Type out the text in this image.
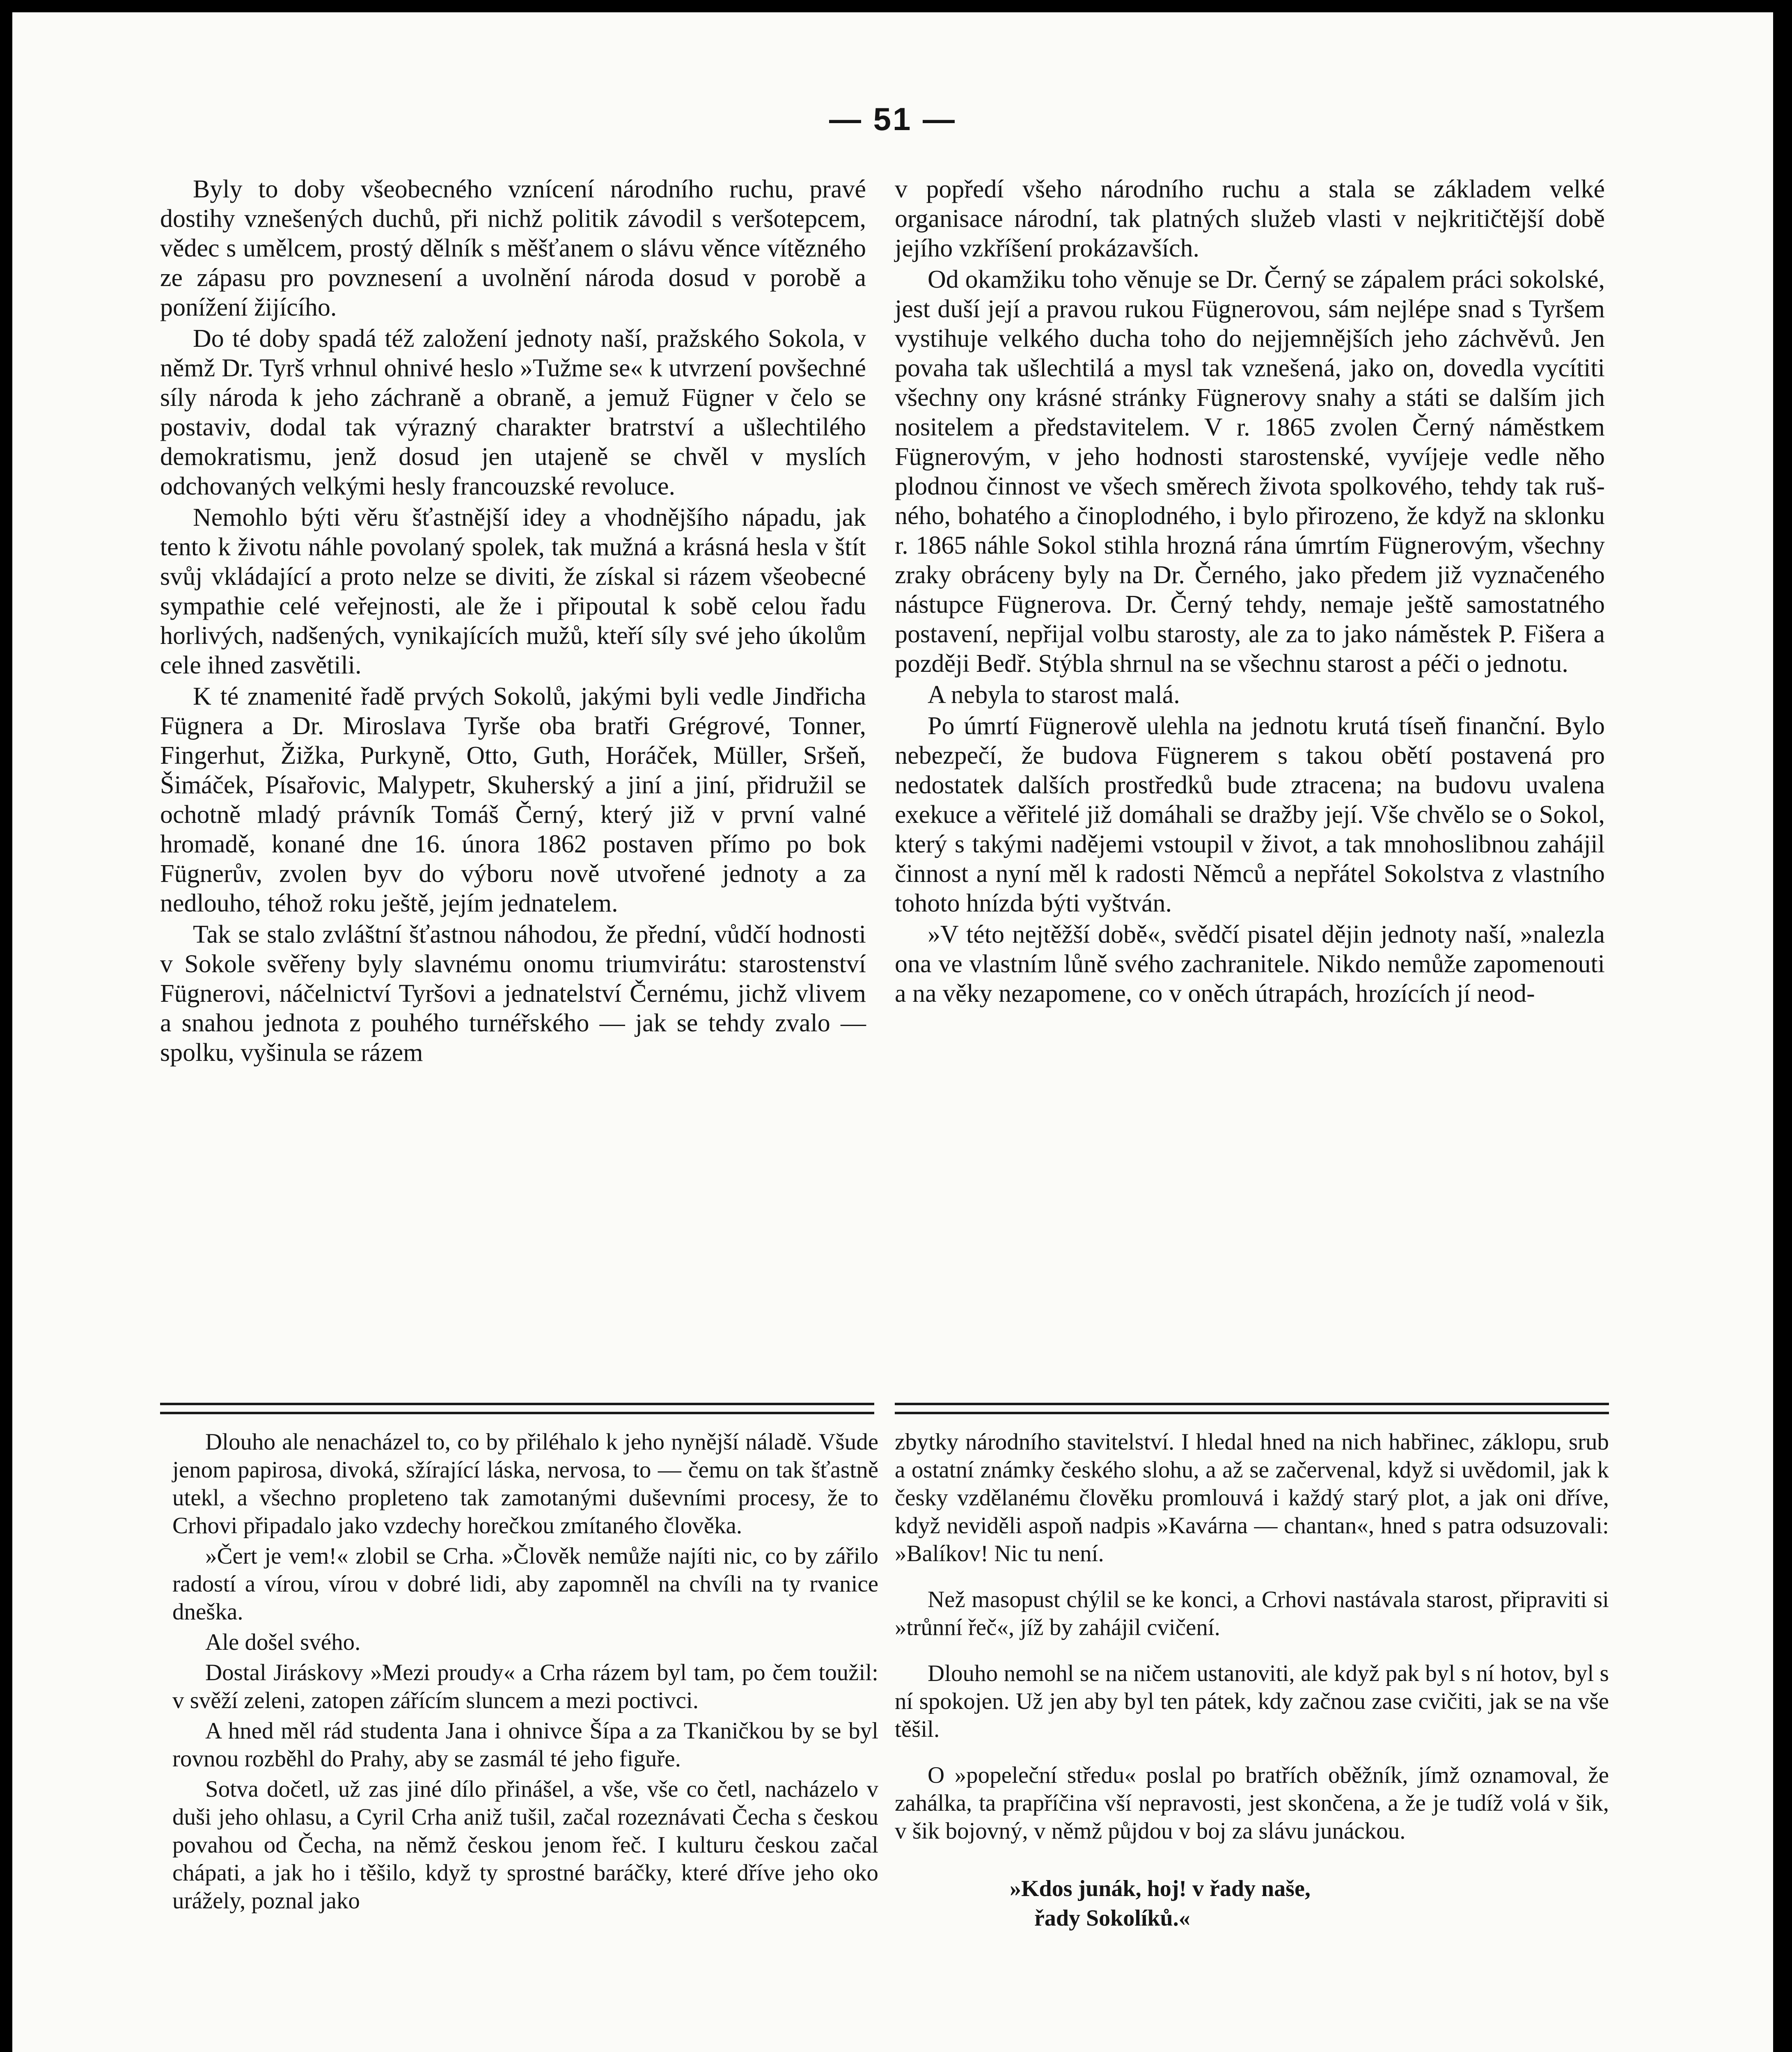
— 51 —

Byly to doby všeobecného vznícení národního ruchu, pravé dostihy vznešených duchů, při nichž politik závodil s veršotepcem, vědec s umělcem, prostý dělník s měšťanem o slávu věnce vítězného ze zápasu pro povznesení a uvolnění národa dosud v porobě a ponížení žijícího.

Do té doby spadá též založení jednoty naší, pražského Sokola, v němž Dr. Tyrš vrhnul ohnivé heslo »Tužme se« k utvrzení povšechné síly národa k jeho záchraně a obraně, a jemuž Fügner v čelo se postaviv, dodal tak výrazný charakter bratrství a ušlechtilého demokratismu, jenž dosud jen utajeně se chvěl v myslích odchovaných velkými hesly francouzské revoluce.

Nemohlo býti věru šťastnější idey a vhodnějšího nápadu, jak tento k životu náhle povolaný spolek, tak mužná a krásná hesla v štít svůj vkládající a proto nelze se diviti, že získal si rázem všeobecné sympathie celé veřejnosti, ale že i připoutal k sobě celou řadu horlivých, nadšených, vynikajících mužů, kteří síly své jeho úkolům cele ihned zasvětili.

K té znamenité řadě prvých Sokolů, jakými byli vedle Jindřicha Fügnera a Dr. Miroslava Tyrše oba bratři Grégrové, Tonner, Fingerhut, Žižka, Purkyně, Otto, Guth, Horáček, Müller, Sršeň, Šimáček, Písařovic, Malypetr, Skuherský a jiní a jiní, přidružil se ochotně mladý právník Tomáš Černý, který již v první valné hromadě, konané dne 16. února 1862 postaven přímo po bok Fügnerův, zvolen byv do výboru nově utvořené jednoty a za nedlouho, téhož roku ještě, jejím jednatelem.

Tak se stalo zvláštní šťastnou náhodou, že přední, vůdčí hodnosti v Sokole svěřeny byly slavnému onomu triumvirátu: starostenství Fügnerovi, náčelnictví Tyršovi a jednatelství Černému, jichž vlivem a snahou jednota z pouhého turnéřského — jak se tehdy zvalo — spolku, vyšinula se rázem

v popředí všeho národního ruchu a stala se základem velké organisace národní, tak platných služeb vlasti v nejkritičtější době jejího vzkříšení prokázavších.

Od okamžiku toho věnuje se Dr. Černý se zápalem práci sokolské, jest duší její a pravou rukou Fügnerovou, sám nejlépe snad s Tyršem vystihuje velkého ducha toho do nejjemnějších jeho záchvěvů. Jen povaha tak ušlechtilá a mysl tak vznešená, jako on, dovedla vycítiti všechny ony krásné stránky Fügnerovy snahy a státi se dalším jich nositelem a představitelem. V r. 1865 zvolen Černý náměstkem Fügnerovým, v jeho hodnosti starostenské, vyvíjeje vedle něho plodnou činnost ve všech směrech života spolkového, tehdy tak ruš-ného, bohatého a činoplodného, i bylo přirozeno, že když na sklonku r. 1865 náhle Sokol stihla hrozná rána úmrtím Fügnerovým, všechny zraky obráceny byly na Dr. Černého, jako předem již vyznačeného nástupce Fügnerova. Dr. Černý tehdy, nemaje ještě samostatného postavení, nepřijal volbu starosty, ale za to jako náměstek P. Fišera a později Bedř. Stýbla shrnul na se všechnu starost a péči o jednotu.

A nebyla to starost malá.

Po úmrtí Fügnerově ulehla na jednotu krutá tíseň finanční. Bylo nebezpečí, že budova Fügnerem s takou obětí postavená pro nedostatek dalších prostředků bude ztracena; na budovu uvalena exekuce a věřitelé již domáhali se dražby její. Vše chvělo se o Sokol, který s takými nadějemi vstoupil v život, a tak mnohoslibnou zahájil činnost a nyní měl k radosti Němců a nepřátel Sokolstva z vlastního tohoto hnízda býti vyštván.

»V této nejtěžší době«, svědčí pisatel dějin jednoty naší, »nalezla ona ve vlastním lůně svého zachranitele. Nikdo nemůže zapomenouti a na věky nezapomene, co v oněch útrapách, hrozících jí neod-

Dlouho ale nenacházel to, co by přiléhalo k jeho nynější náladě. Všude jenom papirosa, divoká, sžírající láska, nervosa, to — čemu on tak šťastně utekl, a všechno propleteno tak zamotanými duševními procesy, že to Crhovi připadalo jako vzdechy horečkou zmítaného člověka.

»Čert je vem!« zlobil se Crha. »Člověk nemůže najíti nic, co by zářilo radostí a vírou, vírou v dobré lidi, aby zapomněl na chvíli na ty rvanice dneška.

Ale došel svého.

Dostal Jiráskovy »Mezi proudy« a Crha rázem byl tam, po čem toužil: v svěží zeleni, zatopen zářícím sluncem a mezi poctivci.

A hned měl rád studenta Jana i ohnivce Šípa a za Tkaničkou by se byl rovnou rozběhl do Prahy, aby se zasmál té jeho figuře.

Sotva dočetl, už zas jiné dílo přinášel, a vše, vše co četl, nacházelo v duši jeho ohlasu, a Cyril Crha aniž tušil, začal rozeznávati Čecha s českou povahou od Čecha, na němž českou jenom řeč. I kulturu českou začal chápati, a jak ho i těšilo, když ty sprostné baráčky, které dříve jeho oko urážely, poznal jako

zbytky národního stavitelství. I hledal hned na nich habřinec, záklopu, srub a ostatní známky českého slohu, a až se začervenal, když si uvědomil, jak k česky vzdělanému člověku promlouvá i každý starý plot, a jak oni dříve, když neviděli aspoň nadpis »Kavárna — chantan«, hned s patra odsuzovali: »Balíkov! Nic tu není.

Než masopust chýlil se ke konci, a Crhovi nastávala starost, připraviti si »trůnní řeč«, jíž by zahájil cvičení.

Dlouho nemohl se na ničem ustanoviti, ale když pak byl s ní hotov, byl s ní spokojen. Už jen aby byl ten pátek, kdy začnou zase cvičiti, jak se na vše těšil.

O »popeleční středu« poslal po bratřích oběžník, jímž oznamoval, že zahálka, ta prapříčina vší nepravosti, jest skončena, a že je tudíž volá v šik, v šik bojovný, v němž půjdou v boj za slávu junáckou.

»Kdos junák, hoj! v řady naše,
řady Sokolíků.«
